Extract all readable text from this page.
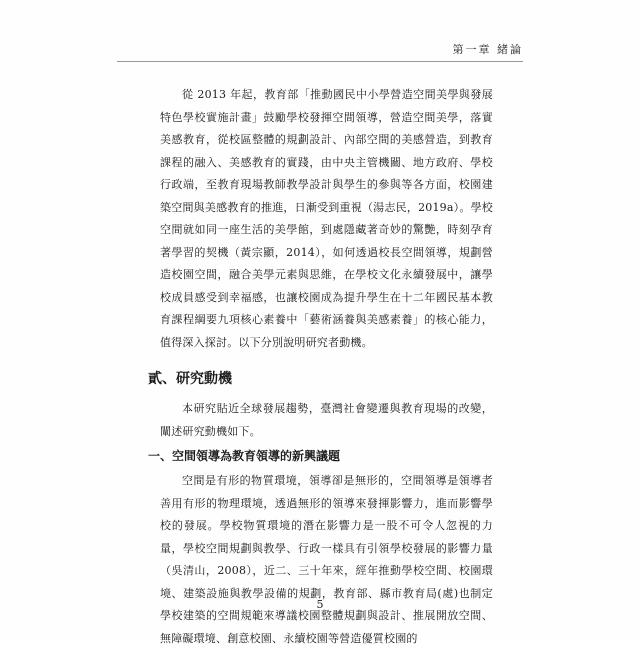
第一章 緒論

從 2013 年起，教育部「推動國民中小學營造空間美學與發展特色學校實施計畫」鼓勵學校發揮空間領導，營造空間美學，落實美感教育，從校區整體的規劃設計、內部空間的美感營造，到教育課程的融入、美感教育的實踐，由中央主管機關、地方政府、學校行政端，至教育現場教師教學設計與學生的參與等各方面，校園建築空間與美感教育的推進，日漸受到重視（湯志民，2019a）。學校空間就如同一座生活的美學館，到處隱藏著奇妙的驚艷，時刻孕育著學習的契機（黃宗顯，2014），如何透過校長空間領導，規劃營造校園空間，融合美學元素與思維，在學校文化永續發展中，讓學校成員感受到幸福感，也讓校園成為提升學生在十二年國民基本教育課程綱要九項核心素養中「藝術涵養與美感素養」的核心能力，值得深入探討。以下分別說明研究者動機。

貳、研究動機

本研究貼近全球發展趨勢，臺灣社會變遷與教育現場的改變，闡述研究動機如下。

一、空間領導為教育領導的新興議題

空間是有形的物質環境，領導卻是無形的，空間領導是領導者善用有形的物理環境，透過無形的領導來發揮影響力，進而影響學校的發展。學校物質環境的潛在影響力是一股不可令人忽視的力量，學校空間規劃與教學、行政一樣具有引領學校發展的影響力量（吳清山，2008），近二、三十年來，經年推動學校空間、校園環境、建築設施與教學設備的規劃，教育部、縣市教育局(處)也制定學校建築的空間規範來導議校園整體規劃與設計、推展開放空間、無障礙環境、創意校園、永續校園等營造優質校園的

5
